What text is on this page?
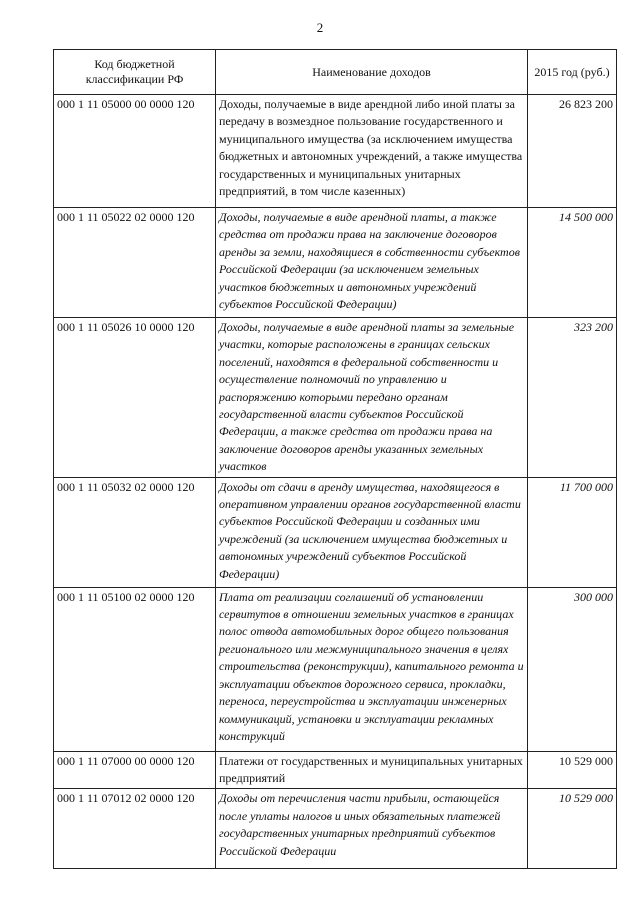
2
Код бюджетной классификации РФ	Наименование доходов	2015 год (руб.)
000 1 11 05000 00 0000 120	Доходы, получаемые в виде арендной либо иной платы за передачу в возмездное пользование государственного и муниципального имущества (за исключением имущества бюджетных и автономных учреждений, а также имущества государственных и муниципальных унитарных предприятий, в том числе казенных)	26 823 200
000 1 11 05022 02 0000 120	Доходы, получаемые в виде арендной платы, а также средства от продажи права на заключение договоров аренды за земли, находящиеся в собственности субъектов Российской Федерации (за исключением земельных участков бюджетных и автономных учреждений субъектов Российской Федерации)	14 500 000
000 1 11 05026 10 0000 120	Доходы, получаемые в виде арендной платы за земельные участки, которые расположены в границах сельских поселений, находятся в федеральной собственности и осуществление полномочий по управлению и распоряжению которыми передано органам государственной власти субъектов Российской Федерации, а также средства от продажи права на заключение договоров аренды указанных земельных участков	323 200
000 1 11 05032 02 0000 120	Доходы от сдачи в аренду имущества, находящегося в оперативном управлении органов государственной власти субъектов Российской Федерации и созданных ими учреждений (за исключением имущества бюджетных и автономных учреждений субъектов Российской Федерации)	11 700 000
000 1 11 05100 02 0000 120	Плата от реализации соглашений об установлении сервитутов в отношении земельных участков в границах полос отвода автомобильных дорог общего пользования регионального или межмуниципального значения в целях строительства (реконструкции), капитального ремонта и эксплуатации объектов дорожного сервиса, прокладки, переноса, переустройства и эксплуатации инженерных коммуникаций, установки и эксплуатации рекламных конструкций	300 000
000 1 11 07000 00 0000 120	Платежи от государственных и муниципальных унитарных предприятий	10 529 000
000 1 11 07012 02 0000 120	Доходы от перечисления части прибыли, остающейся после уплаты налогов и иных обязательных платежей государственных унитарных предприятий субъектов Российской Федерации	10 529 000
